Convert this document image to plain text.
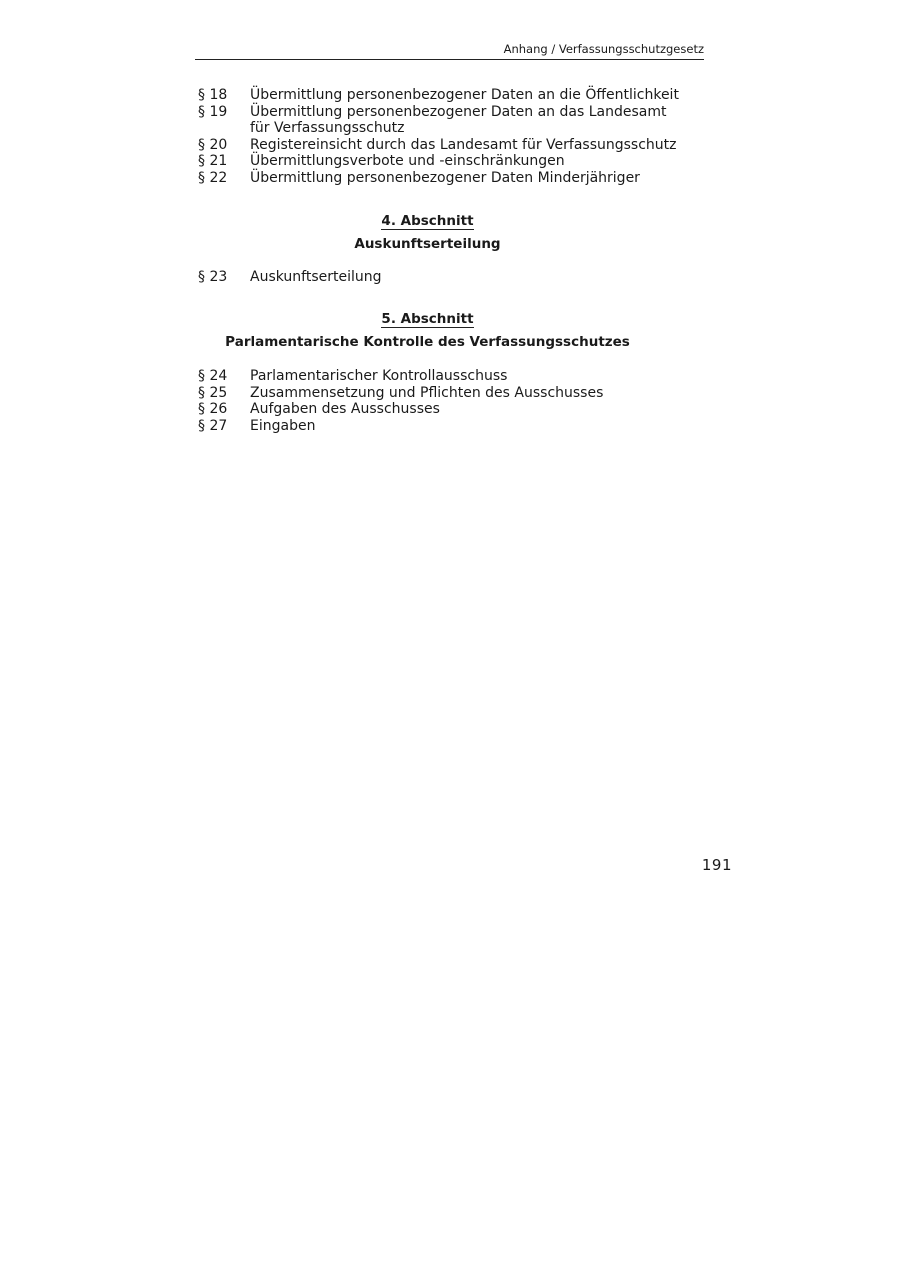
Anhang / Verfassungsschutzgesetz
§ 18	Übermittlung personenbezogener Daten an die Öffentlichkeit
§ 19	Übermittlung personenbezogener Daten an das Landesamt
für Verfassungsschutz
§ 20	Registereinsicht durch das Landesamt für Verfassungsschutz
§ 21	Übermittlungsverbote und -einschränkungen
§ 22	Übermittlung personenbezogener Daten Minderjähriger
4. Abschnitt
Auskunftserteilung
§ 23	Auskunftserteilung
5. Abschnitt
Parlamentarische Kontrolle des Verfassungsschutzes
§ 24	Parlamentarischer Kontrollausschuss
§ 25	Zusammensetzung und Pflichten des Ausschusses
§ 26	Aufgaben des Ausschusses
§ 27	Eingaben
191
